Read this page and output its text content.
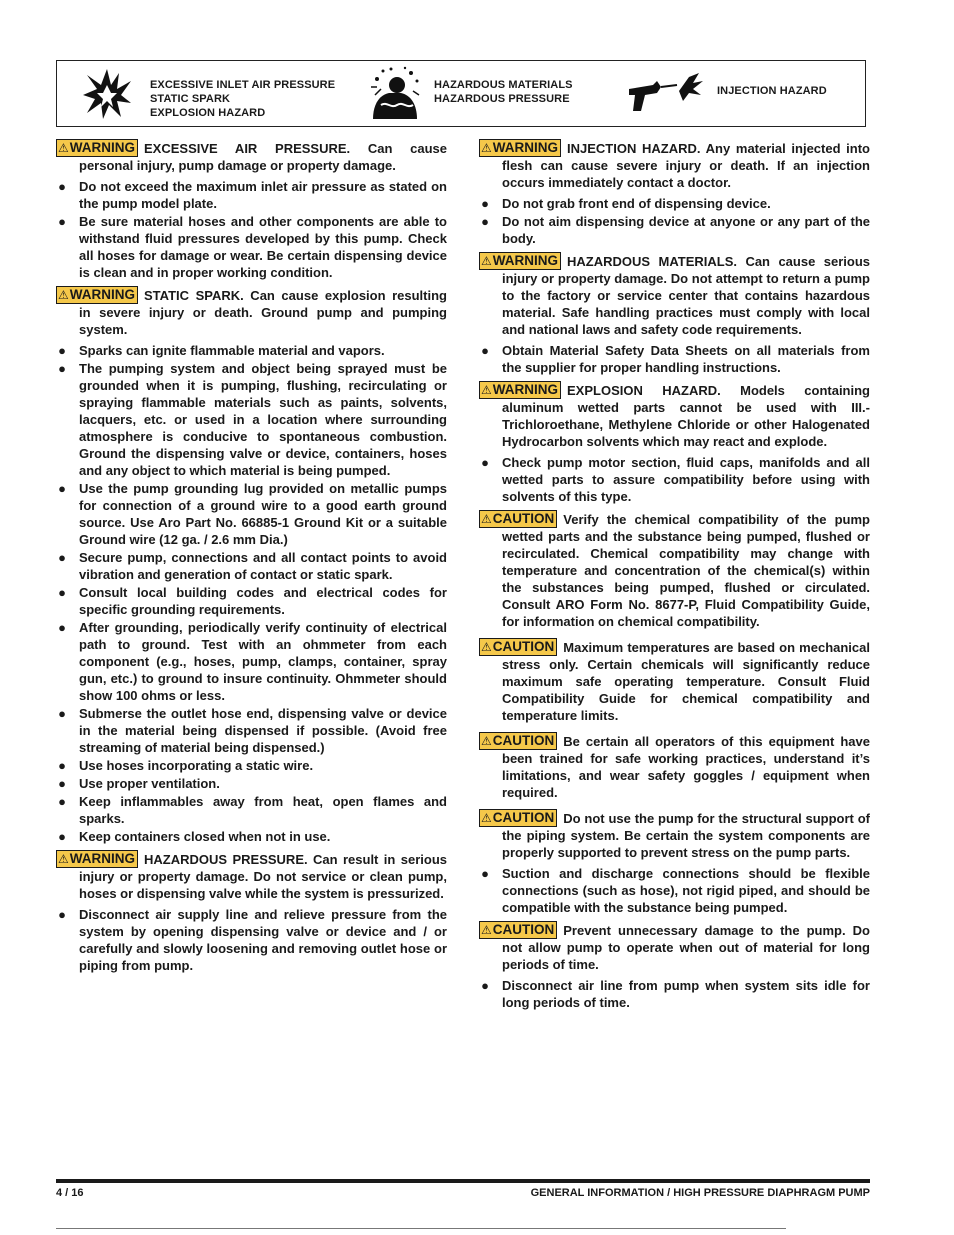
EXCESSIVE INLET AIR PRESSURE
STATIC SPARK
EXPLOSION HAZARD
HAZARDOUS MATERIALS
HAZARDOUS PRESSURE
INJECTION HAZARD

⚠WARNING EXCESSIVE AIR PRESSURE. Can cause personal injury, pump damage or property damage.

● Do not exceed the maximum inlet air pressure as stated on the pump model plate.
● Be sure material hoses and other components are able to withstand fluid pressures developed by this pump. Check all hoses for damage or wear. Be certain dispensing device is clean and in proper working condition.

⚠WARNING STATIC SPARK. Can cause explosion resulting in severe injury or death. Ground pump and pumping system.

● Sparks can ignite flammable material and vapors.
● The pumping system and object being sprayed must be grounded when it is pumping, flushing, recirculating or spraying flammable materials such as paints, solvents, lacquers, etc. or used in a location where surrounding atmosphere is conducive to spontaneous combustion. Ground the dispensing valve or device, containers, hoses and any object to which material is being pumped.
● Use the pump grounding lug provided on metallic pumps for connection of a ground wire to a good earth ground source. Use Aro Part No. 66885-1 Ground Kit or a suitable Ground wire (12 ga. / 2.6 mm Dia.)
● Secure pump, connections and all contact points to avoid vibration and generation of contact or static spark.
● Consult local building codes and electrical codes for specific grounding requirements.
● After grounding, periodically verify continuity of electrical path to ground. Test with an ohmmeter from each component (e.g., hoses, pump, clamps, container, spray gun, etc.) to ground to insure continuity. Ohmmeter should show 100 ohms or less.
● Submerse the outlet hose end, dispensing valve or device in the material being dispensed if possible. (Avoid free streaming of material being dispensed.)
● Use hoses incorporating a static wire.
● Use proper ventilation.
● Keep inflammables away from heat, open flames and sparks.
● Keep containers closed when not in use.

⚠WARNING HAZARDOUS PRESSURE. Can result in serious injury or property damage. Do not service or clean pump, hoses or dispensing valve while the system is pressurized.

● Disconnect air supply line and relieve pressure from the system by opening dispensing valve or device and / or carefully and slowly loosening and removing outlet hose or piping from pump.

⚠WARNING INJECTION HAZARD. Any material injected into flesh can cause severe injury or death. If an injection occurs immediately contact a doctor.

● Do not grab front end of dispensing device.
● Do not aim dispensing device at anyone or any part of the body.

⚠WARNING HAZARDOUS MATERIALS. Can cause serious injury or property damage. Do not attempt to return a pump to the factory or service center that contains hazardous material. Safe handling practices must comply with local and national laws and safety code requirements.

● Obtain Material Safety Data Sheets on all materials from the supplier for proper handling instructions.

⚠WARNING EXPLOSION HAZARD. Models containing aluminum wetted parts cannot be used with III.-Trichloroethane, Methylene Chloride or other Halogenated Hydrocarbon solvents which may react and explode.

● Check pump motor section, fluid caps, manifolds and all wetted parts to assure compatibility before using with solvents of this type.

⚠CAUTION Verify the chemical compatibility of the pump wetted parts and the substance being pumped, flushed or recirculated. Chemical compatibility may change with temperature and concentration of the chemical(s) within the substances being pumped, flushed or circulated. Consult ARO Form No. 8677-P, Fluid Compatibility Guide, for information on chemical compatibility.

⚠CAUTION Maximum temperatures are based on mechanical stress only. Certain chemicals will significantly reduce maximum safe operating temperature. Consult Fluid Compatibility Guide for chemical compatibility and temperature limits.

⚠CAUTION Be certain all operators of this equipment have been trained for safe working practices, understand it’s limitations, and wear safety goggles / equipment when required.

⚠CAUTION Do not use the pump for the structural support of the piping system. Be certain the system components are properly supported to prevent stress on the pump parts.

● Suction and discharge connections should be flexible connections (such as hose), not rigid piped, and should be compatible with the substance being pumped.

⚠CAUTION Prevent unnecessary damage to the pump. Do not allow pump to operate when out of material for long periods of time.

● Disconnect air line from pump when system sits idle for long periods of time.
4 / 16	GENERAL INFORMATION / HIGH PRESSURE DIAPHRAGM PUMP
